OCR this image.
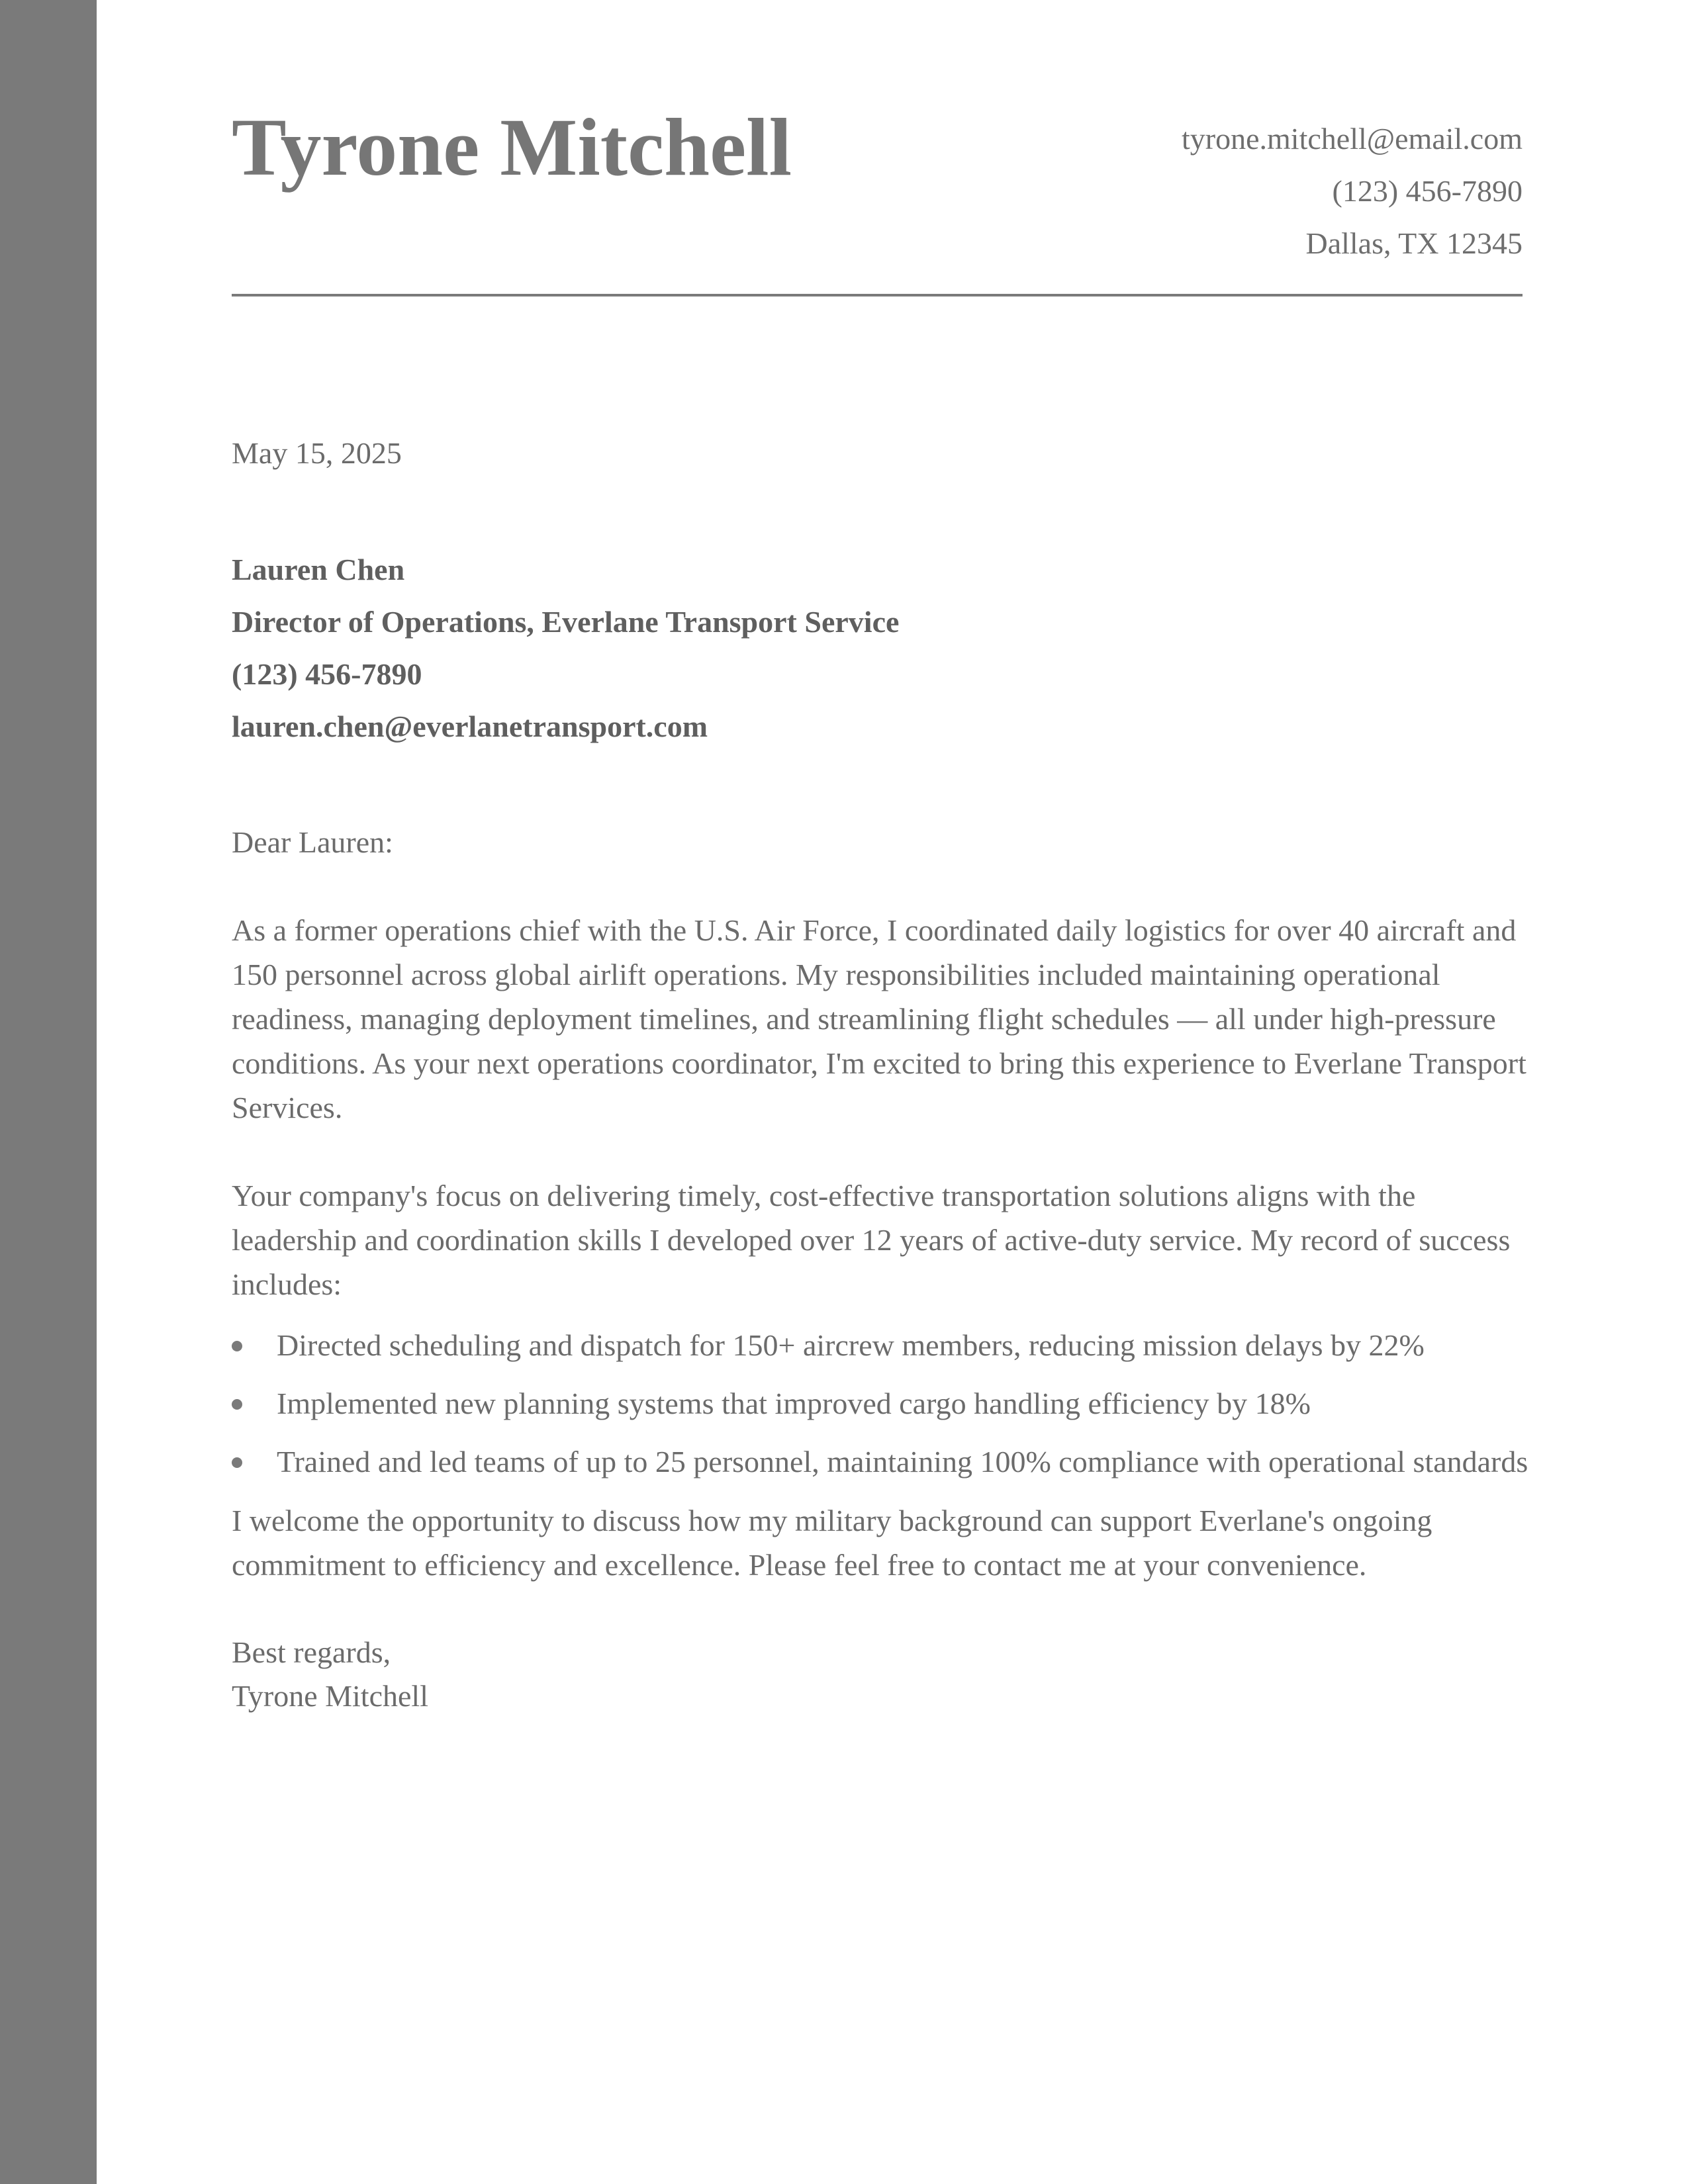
Tyrone Mitchell	tyrone.mitchell@email.com
(123) 456-7890
Dallas, TX 12345
May 15, 2025
Lauren Chen
Director of Operations, Everlane Transport Service
(123) 456-7890
lauren.chen@everlanetransport.com
Dear Lauren:

As a former operations chief with the U.S. Air Force, I coordinated daily logistics for over 40 aircraft and 150 personnel across global airlift operations. My responsibilities included maintaining operational readiness, managing deployment timelines, and streamlining flight schedules — all under high-pressure conditions. As your next operations coordinator, I'm excited to bring this experience to Everlane Transport Services.

Your company's focus on delivering timely, cost-effective transportation solutions aligns with the leadership and coordination skills I developed over 12 years of active-duty service. My record of success includes:

Directed scheduling and dispatch for 150+ aircrew members, reducing mission delays by 22%
Implemented new planning systems that improved cargo handling efficiency by 18%
Trained and led teams of up to 25 personnel, maintaining 100% compliance with operational standards

I welcome the opportunity to discuss how my military background can support Everlane's ongoing commitment to efficiency and excellence. Please feel free to contact me at your convenience.

Best regards,
Tyrone Mitchell
